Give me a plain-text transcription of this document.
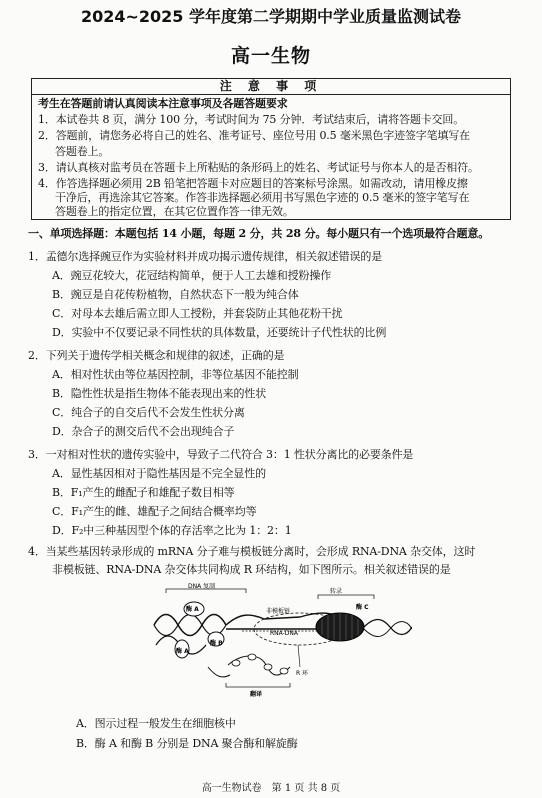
2024~2025 学年度第二学期期中学业质量监测试卷
高一生物
注 意 事 项
考生在答题前请认真阅读本注意事项及各题答题要求
1．本试卷共 8 页，满分 100 分，考试时间为 75 分钟．考试结束后，请将答题卡交回。
2．答题前，请您务必将自己的姓名、准考证号、座位号用 0.5 毫米黑色字迹签字笔填写在
答题卷上。
3．请认真核对监考员在答题卡上所粘贴的条形码上的姓名、考试证号与你本人的是否相符。
4．作答选择题必须用 2B 铅笔把答题卡对应题目的答案标号涂黑。如需改动，请用橡皮擦
干净后，再选涂其它答案。作答非选择题必须用书写黑色字迹的 0.5 毫米的签字笔写在
答题卷上的指定位置，在其它位置作答一律无效。
一、单项选择题：本题包括 14 小题，每题 2 分，共 28 分。每小题只有一个选项最符合题意。
1．孟德尔选择豌豆作为实验材料并成功揭示遗传规律，相关叙述错误的是
A．豌豆花较大，花冠结构简单，便于人工去雄和授粉操作
B．豌豆是自花传粉植物，自然状态下一般为纯合体
C．对母本去雄后需立即人工授粉，并套袋防止其他花粉干扰
D．实验中不仅要记录不同性状的具体数量，还要统计子代性状的比例
2．下列关于遗传学相关概念和规律的叙述，正确的是
A．相对性状由等位基因控制，非等位基因不能控制
B．隐性性状是指生物体不能表现出来的性状
C．纯合子的自交后代不会发生性状分离
D．杂合子的测交后代不会出现纯合子
3．一对相对性状的遗传实验中，导致子二代符合 3：1 性状分离比的必要条件是
A．显性基因相对于隐性基因是不完全显性的
B．F₁产生的雌配子和雄配子数目相等
C．F₁产生的雌、雄配子之间结合概率均等
D．F₂中三种基因型个体的存活率之比为 1：2：1
4．当某些基因转录形成的 mRNA 分子难与模板链分离时，会形成 RNA-DNA 杂交体，这时
非模板链、RNA-DNA 杂交体共同构成 R 环结构，如下图所示。相关叙述错误的是
DNA 复制
酶 A
酶 A
酶 B
非模板链
RNA-DNA
酶 C
转录
翻译
R 环
A．图示过程一般发生在细胞核中
B．酶 A 和酶 B 分别是 DNA 聚合酶和解旋酶
高一生物试卷　第 1 页 共 8 页
